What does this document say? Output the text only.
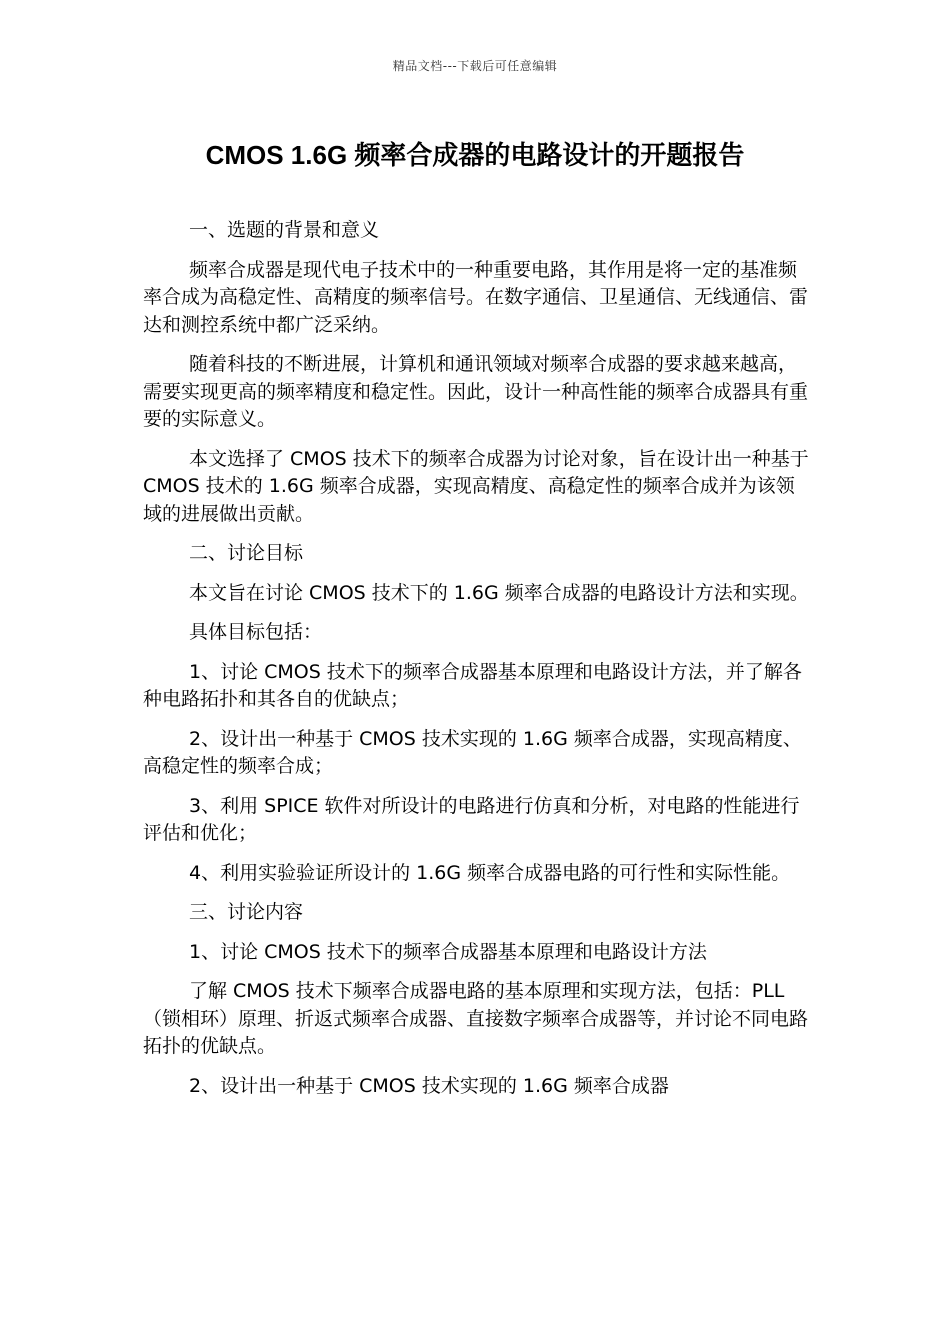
精品文档---下载后可任意编辑
CMOS 1.6G 频率合成器的电路设计的开题报告

一、选题的背景和意义

频率合成器是现代电子技术中的一种重要电路，其作用是将一定的基准频率合成为高稳定性、高精度的频率信号。在数字通信、卫星通信、无线通信、雷达和测控系统中都广泛采纳。

随着科技的不断进展，计算机和通讯领域对频率合成器的要求越来越高，需要实现更高的频率精度和稳定性。因此，设计一种高性能的频率合成器具有重要的实际意义。

本文选择了 CMOS 技术下的频率合成器为讨论对象，旨在设计出一种基于 CMOS 技术的 1.6G 频率合成器，实现高精度、高稳定性的频率合成并为该领域的进展做出贡献。

二、讨论目标

本文旨在讨论 CMOS 技术下的 1.6G 频率合成器的电路设计方法和实现。

具体目标包括：

1、讨论 CMOS 技术下的频率合成器基本原理和电路设计方法，并了解各种电路拓扑和其各自的优缺点；

2、设计出一种基于 CMOS 技术实现的 1.6G 频率合成器，实现高精度、高稳定性的频率合成；

3、利用 SPICE 软件对所设计的电路进行仿真和分析，对电路的性能进行评估和优化；

4、利用实验验证所设计的 1.6G 频率合成器电路的可行性和实际性能。

三、讨论内容

1、讨论 CMOS 技术下的频率合成器基本原理和电路设计方法

了解 CMOS 技术下频率合成器电路的基本原理和实现方法，包括：PLL（锁相环）原理、折返式频率合成器、直接数字频率合成器等，并讨论不同电路拓扑的优缺点。

2、设计出一种基于 CMOS 技术实现的 1.6G 频率合成器
